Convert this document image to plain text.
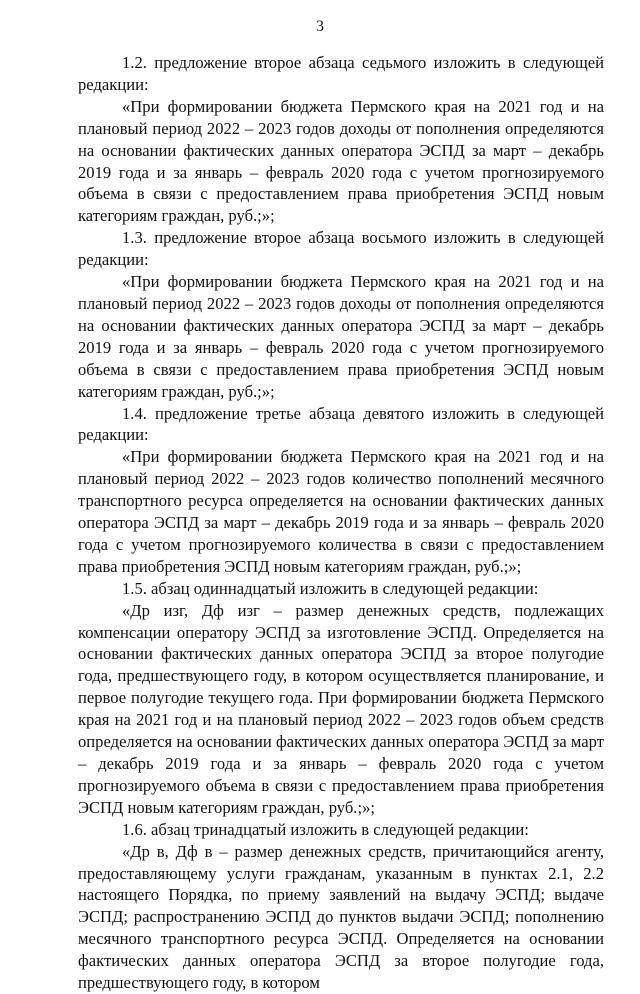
3

1.2. предложение второе абзаца седьмого изложить в следующей редакции:

«При формировании бюджета Пермского края на 2021 год и на плановый период 2022 – 2023 годов доходы от пополнения определяются на основании фактических данных оператора ЭСПД за март – декабрь 2019 года и за январь – февраль 2020 года с учетом прогнозируемого объема в связи с предоставлением права приобретения ЭСПД новым категориям граждан, руб.;»;

1.3. предложение второе абзаца восьмого изложить в следующей редакции:

«При формировании бюджета Пермского края на 2021 год и на плановый период 2022 – 2023 годов доходы от пополнения определяются на основании фактических данных оператора ЭСПД за март – декабрь 2019 года и за январь – февраль 2020 года с учетом прогнозируемого объема в связи с предоставлением права приобретения ЭСПД новым категориям граждан, руб.;»;

1.4. предложение третье абзаца девятого изложить в следующей редакции:

«При формировании бюджета Пермского края на 2021 год и на плановый период 2022 – 2023 годов количество пополнений месячного транспортного ресурса определяется на основании фактических данных оператора ЭСПД за март – декабрь 2019 года и за январь – февраль 2020 года с учетом прогнозируемого количества в связи с предоставлением права приобретения ЭСПД новым категориям граждан, руб.;»;

1.5. абзац одиннадцатый изложить в следующей редакции:

«Др изг, Дф изг – размер денежных средств, подлежащих компенсации оператору ЭСПД за изготовление ЭСПД. Определяется на основании фактических данных оператора ЭСПД за второе полугодие года, предшествующего году, в котором осуществляется планирование, и первое полугодие текущего года. При формировании бюджета Пермского края на 2021 год и на плановый период 2022 – 2023 годов объем средств определяется на основании фактических данных оператора ЭСПД за март – декабрь 2019 года и за январь – февраль 2020 года с учетом прогнозируемого объема в связи с предоставлением права приобретения ЭСПД новым категориям граждан, руб.;»;

1.6. абзац тринадцатый изложить в следующей редакции:

«Др в, Дф в – размер денежных средств, причитающийся агенту, предоставляющему услуги гражданам, указанным в пунктах 2.1, 2.2 настоящего Порядка, по приему заявлений на выдачу ЭСПД; выдаче ЭСПД; распространению ЭСПД до пунктов выдачи ЭСПД; пополнению месячного транспортного ресурса ЭСПД. Определяется на основании фактических данных оператора ЭСПД за второе полугодие года, предшествующего году, в котором
